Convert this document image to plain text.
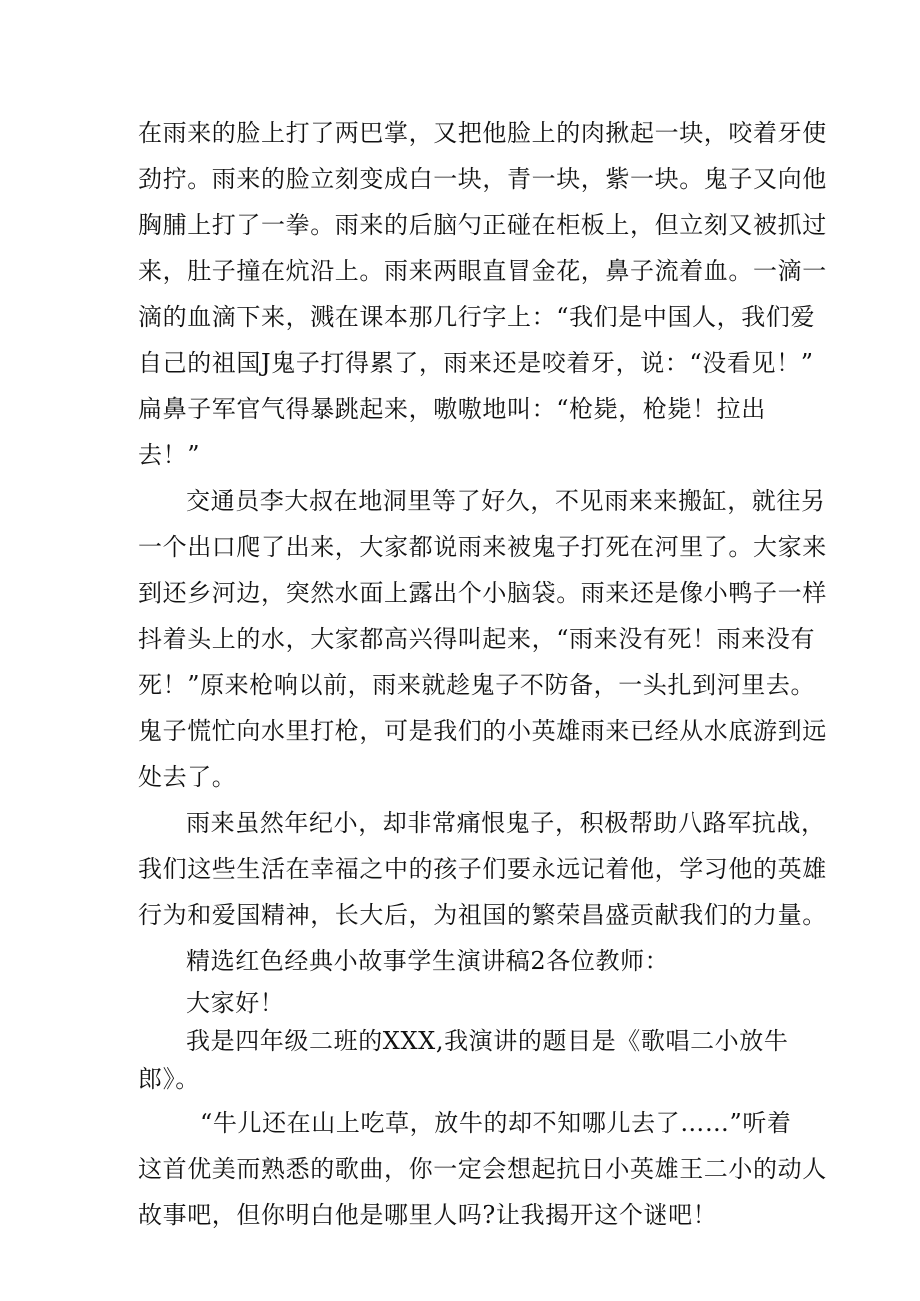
在雨来的脸上打了两巴掌，又把他脸上的肉揪起一块，咬着牙使
劲拧。雨来的脸立刻变成白一块，青一块，紫一块。鬼子又向他
胸脯上打了一拳。雨来的后脑勺正碰在柜板上，但立刻又被抓过
来，肚子撞在炕沿上。雨来两眼直冒金花，鼻子流着血。一滴一
滴的血滴下来，溅在课本那几行字上：“我们是中国人，我们爱
自己的祖国J鬼子打得累了，雨来还是咬着牙，说：“没看见！”
扁鼻子军官气得暴跳起来，嗷嗷地叫：“枪毙，枪毙！拉出
去！”
交通员李大叔在地洞里等了好久，不见雨来来搬缸，就往另
一个出口爬了出来，大家都说雨来被鬼子打死在河里了。大家来
到还乡河边，突然水面上露出个小脑袋。雨来还是像小鸭子一样
抖着头上的水，大家都高兴得叫起来，“雨来没有死！雨来没有
死！”原来枪响以前，雨来就趁鬼子不防备，一头扎到河里去。
鬼子慌忙向水里打枪，可是我们的小英雄雨来已经从水底游到远
处去了。
雨来虽然年纪小，却非常痛恨鬼子，积极帮助八路军抗战，
我们这些生活在幸福之中的孩子们要永远记着他，学习他的英雄
行为和爱国精神，长大后，为祖国的繁荣昌盛贡献我们的力量。
精选红色经典小故事学生演讲稿2各位教师：
大家好！
我是四年级二班的XXX,我演讲的题目是《歌唱二小放牛
郎》。
“牛儿还在山上吃草，放牛的却不知哪儿去了……”听着
这首优美而熟悉的歌曲，你一定会想起抗日小英雄王二小的动人
故事吧，但你明白他是哪里人吗?让我揭开这个谜吧！
